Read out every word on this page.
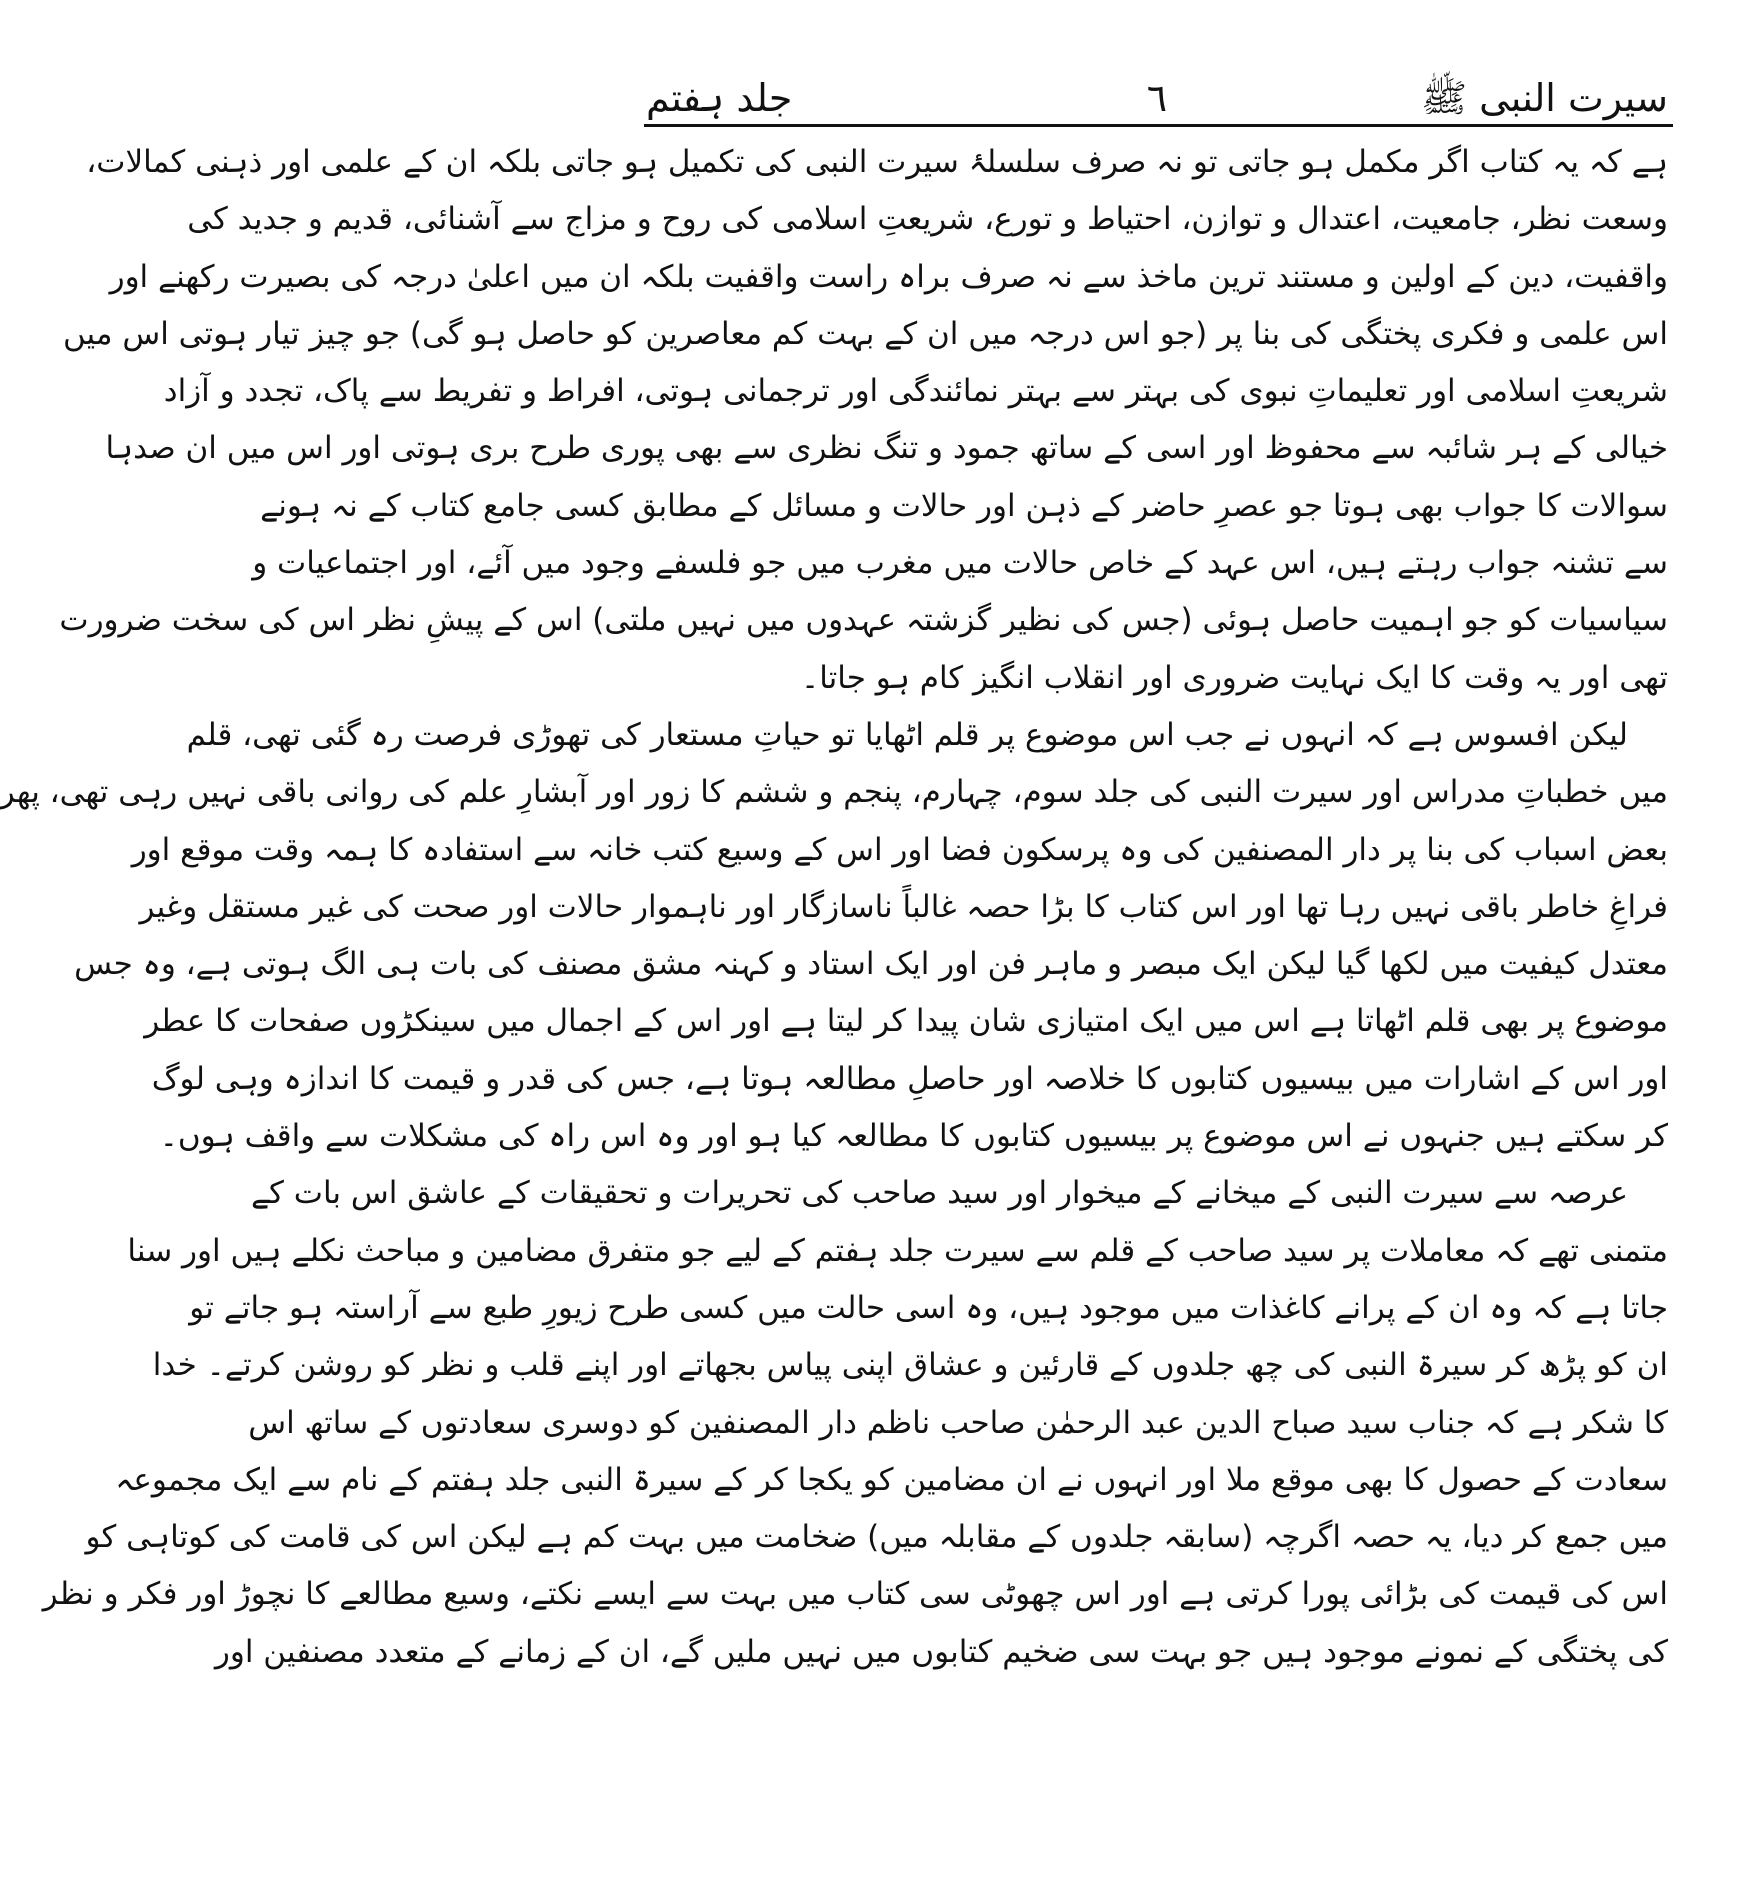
جلد ہفتم	٦	سیرت النبی ﷺ
ہے کہ یہ کتاب اگر مکمل ہو جاتی تو نہ صرف سلسلۂ سیرت النبی کی تکمیل ہو جاتی بلکہ ان کے علمی اور ذہنی کمالات،
وسعت نظر، جامعیت، اعتدال و توازن، احتیاط و تورع، شریعتِ اسلامی کی روح و مزاج سے آشنائی، قدیم و جدید کی
واقفیت، دین کے اولین و مستند ترین ماخذ سے نہ صرف براہ راست واقفیت بلکہ ان میں اعلیٰ درجہ کی بصیرت رکھنے اور
اس علمی و فکری پختگی کی بنا پر (جو اس درجہ میں ان کے بہت کم معاصرین کو حاصل ہو گی) جو چیز تیار ہوتی اس میں
شریعتِ اسلامی اور تعلیماتِ نبوی کی بہتر سے بہتر نمائندگی اور ترجمانی ہوتی، افراط و تفریط سے پاک، تجدد و آزاد
خیالی کے ہر شائبہ سے محفوظ اور اسی کے ساتھ جمود و تنگ نظری سے بھی پوری طرح بری ہوتی اور اس میں ان صدہا
سوالات کا جواب بھی ہوتا جو عصرِ حاضر کے ذہن اور حالات و مسائل کے مطابق کسی جامع کتاب کے نہ ہونے
سے تشنہ جواب رہتے ہیں، اس عہد کے خاص حالات میں مغرب میں جو فلسفے وجود میں آئے، اور اجتماعیات و
سیاسیات کو جو اہمیت حاصل ہوئی (جس کی نظیر گزشتہ عہدوں میں نہیں ملتی) اس کے پیشِ نظر اس کی سخت ضرورت
تھی اور یہ وقت کا ایک نہایت ضروری اور انقلاب انگیز کام ہو جاتا۔
لیکن افسوس ہے کہ انہوں نے جب اس موضوع پر قلم اٹھایا تو حیاتِ مستعار کی تھوڑی فرصت رہ گئی تھی، قلم
میں خطباتِ مدراس اور سیرت النبی کی جلد سوم، چہارم، پنجم و ششم کا زور اور آبشارِ علم کی روانی باقی نہیں رہی تھی، پھر
بعض اسباب کی بنا پر دار المصنفین کی وہ پرسکون فضا اور اس کے وسیع کتب خانہ سے استفادہ کا ہمہ وقت موقع اور
فراغِ خاطر باقی نہیں رہا تھا اور اس کتاب کا بڑا حصہ غالباً ناسازگار اور ناہموار حالات اور صحت کی غیر مستقل وغیر
معتدل کیفیت میں لکھا گیا لیکن ایک مبصر و ماہر فن اور ایک استاد و کہنہ مشق مصنف کی بات ہی الگ ہوتی ہے، وہ جس
موضوع پر بھی قلم اٹھاتا ہے اس میں ایک امتیازی شان پیدا کر لیتا ہے اور اس کے اجمال میں سینکڑوں صفحات کا عطر
اور اس کے اشارات میں بیسیوں کتابوں کا خلاصہ اور حاصلِ مطالعہ ہوتا ہے، جس کی قدر و قیمت کا اندازہ وہی لوگ
کر سکتے ہیں جنہوں نے اس موضوع پر بیسیوں کتابوں کا مطالعہ کیا ہو اور وہ اس راہ کی مشکلات سے واقف ہوں۔
عرصہ سے سیرت النبی کے میخانے کے میخوار اور سید صاحب کی تحریرات و تحقیقات کے عاشق اس بات کے
متمنی تھے کہ معاملات پر سید صاحب کے قلم سے سیرت جلد ہفتم کے لیے جو متفرق مضامین و مباحث نکلے ہیں اور سنا
جاتا ہے کہ وہ ان کے پرانے کاغذات میں موجود ہیں، وہ اسی حالت میں کسی طرح زیورِ طبع سے آراستہ ہو جاتے تو
ان کو پڑھ کر سیرۃ النبی کی چھ جلدوں کے قارئین و عشاق اپنی پیاس بجھاتے اور اپنے قلب و نظر کو روشن کرتے۔ خدا
کا شکر ہے کہ جناب سید صباح الدین عبد الرحمٰن صاحب ناظم دار المصنفین کو دوسری سعادتوں کے ساتھ اس
سعادت کے حصول کا بھی موقع ملا اور انہوں نے ان مضامین کو یکجا کر کے سیرۃ النبی جلد ہفتم کے نام سے ایک مجموعہ
میں جمع کر دیا، یہ حصہ اگرچہ (سابقہ جلدوں کے مقابلہ میں) ضخامت میں بہت کم ہے لیکن اس کی قامت کی کوتاہی کو
اس کی قیمت کی بڑائی پورا کرتی ہے اور اس چھوٹی سی کتاب میں بہت سے ایسے نکتے، وسیع مطالعے کا نچوڑ اور فکر و نظر
کی پختگی کے نمونے موجود ہیں جو بہت سی ضخیم کتابوں میں نہیں ملیں گے، ان کے زمانے کے متعدد مصنفین اور
